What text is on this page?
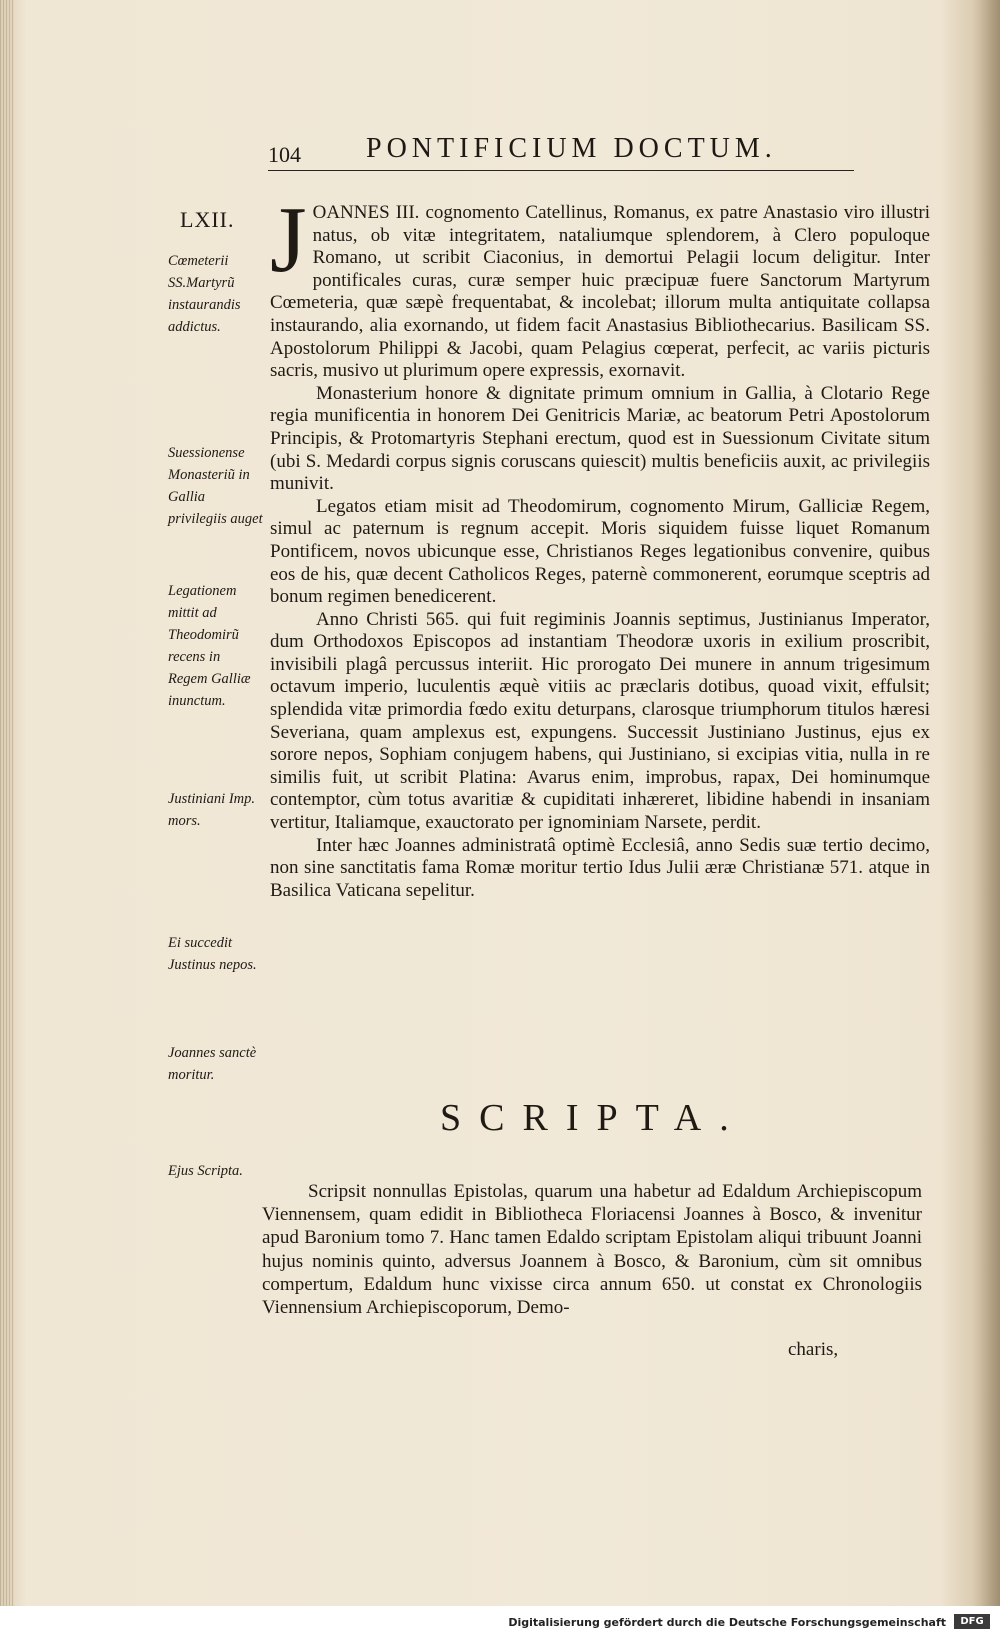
104 PONTIFICIUM DOCTUM.
LXII.
Cœmeterii SS.Martyrũ instaurandis addictus.
Suessionense Monasteriũ in Gallia privilegiis auget
Legationem mittit ad Theodomirũ recens in Regem Galliæ inunctum.
Justiniani Imp. mors.
Ei succedit Justinus nepos.
Joannes sanctè moritur.
Ejus Scripta.

JOANNES III. cognomento Catellinus, Romanus, ex patre Anastasio viro illustri natus, ob vitæ integritatem, nataliumque splendorem, à Clero populoque Romano, ut scribit Ciaconius, in demortui Pelagii locum deligitur. Inter pontificales curas, curæ semper huic præcipuæ fuere Sanctorum Martyrum Cœmeteria, quæ sæpè frequentabat, & incolebat; illorum multa antiquitate collapsa instaurando, alia exornando, ut fidem facit Anastasius Bibliothecarius. Basilicam SS. Apostolorum Philippi & Jacobi, quam Pelagius cœperat, perfecit, ac variis picturis sacris, musivo ut plurimum opere expressis, exornavit.

Monasterium honore & dignitate primum omnium in Gallia, à Clotario Rege regia munificentia in honorem Dei Genitricis Mariæ, ac beatorum Petri Apostolorum Principis, & Protomartyris Stephani erectum, quod est in Suessionum Civitate situm (ubi S. Medardi corpus signis coruscans quiescit) multis beneficiis auxit, ac privilegiis munivit.

Legatos etiam misit ad Theodomirum, cognomento Mirum, Galliciæ Regem, simul ac paternum is regnum accepit. Moris siquidem fuisse liquet Romanum Pontificem, novos ubicunque esse, Christianos Reges legationibus convenire, quibus eos de his, quæ decent Catholicos Reges, paternè commonerent, eorumque sceptris ad bonum regimen benedicerent.

Anno Christi 565. qui fuit regiminis Joannis septimus, Justinianus Imperator, dum Orthodoxos Episcopos ad instantiam Theodoræ uxoris in exilium proscribit, invisibili plagâ percussus interiit. Hic prorogato Dei munere in annum trigesimum octavum imperio, luculentis æquè vitiis ac præclaris dotibus, quoad vixit, effulsit; splendida vitæ primordia fœdo exitu deturpans, clarosque triumphorum titulos hæresi Severiana, quam amplexus est, expungens. Successit Justiniano Justinus, ejus ex sorore nepos, Sophiam conjugem habens, qui Justiniano, si excipias vitia, nulla in re similis fuit, ut scribit Platina: Avarus enim, improbus, rapax, Dei hominumque contemptor, cùm totus avaritiæ & cupiditati inhæreret, libidine habendi in insaniam vertitur, Italiamque, exauctorato per ignominiam Narsete, perdit.

Inter hæc Joannes administratâ optimè Ecclesiâ, anno Sedis suæ tertio decimo, non sine sanctitatis fama Romæ moritur tertio Idus Julii æræ Christianæ 571. atque in Basilica Vaticana sepelitur.

SCRIPTA.

Scripsit nonnullas Epistolas, quarum una habetur ad Edaldum Archiepiscopum Viennensem, quam edidit in Bibliotheca Floriacensi Joannes à Bosco, & invenitur apud Baronium tomo 7. Hanc tamen Edaldo scriptam Epistolam aliqui tribuunt Joanni hujus nominis quinto, adversus Joannem à Bosco, & Baronium, cùm sit omnibus compertum, Edaldum hunc vixisse circa annum 650. ut constat ex Chronologiis Viennensium Archiepiscoporum, Demo-

charis,
Digitalisierung gefördert durch die Deutsche Forschungsgemeinschaft	DFG
